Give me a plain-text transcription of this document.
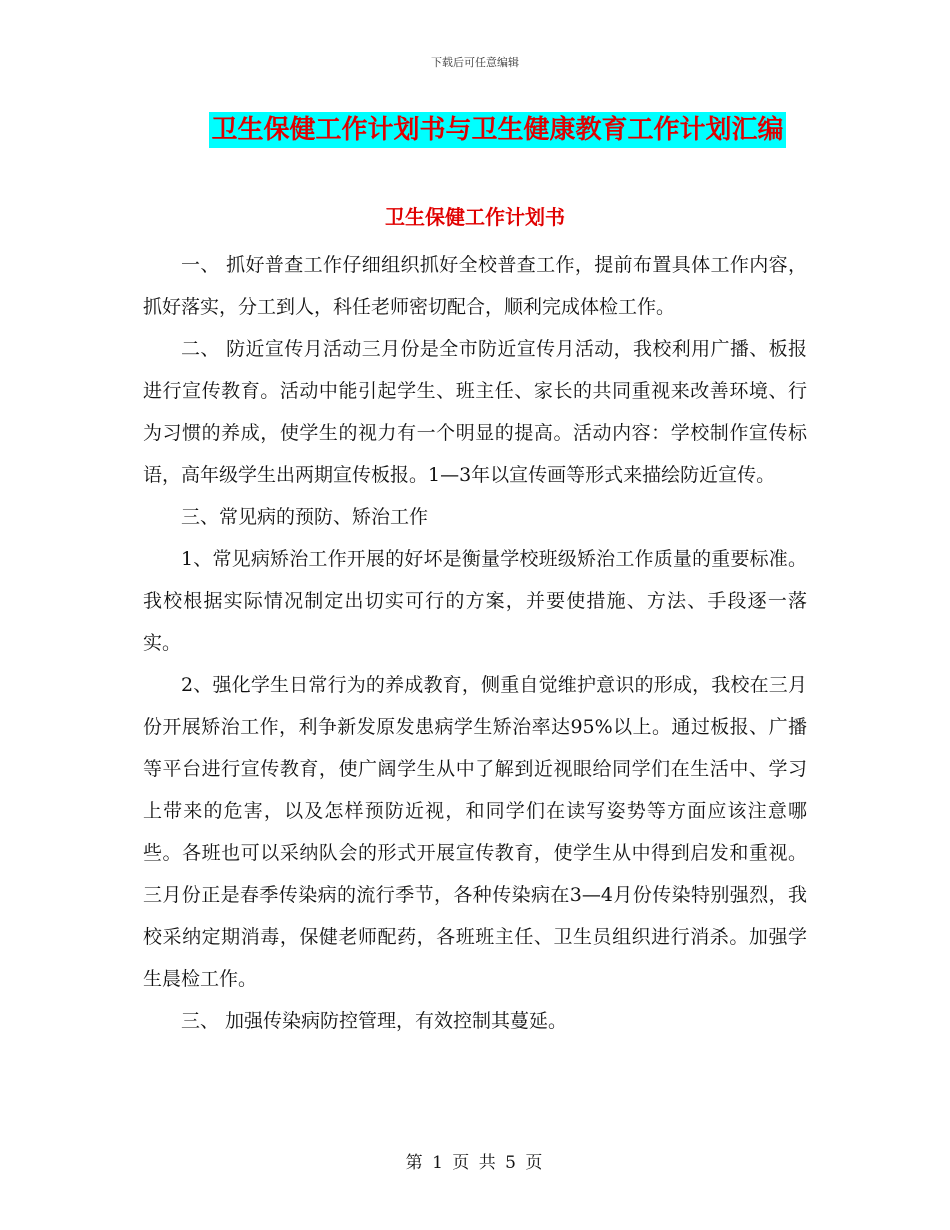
下载后可任意编辑
卫生保健工作计划书与卫生健康教育工作计划汇编
卫生保健工作计划书

一、 抓好普查工作仔细组织抓好全校普查工作，提前布置具体工作内容，抓好落实，分工到人，科任老师密切配合，顺利完成体检工作。

二、 防近宣传月活动三月份是全市防近宣传月活动，我校利用广播、板报进行宣传教育。活动中能引起学生、班主任、家长的共同重视来改善环境、行为习惯的养成，使学生的视力有一个明显的提高。活动内容：学校制作宣传标语，高年级学生出两期宣传板报。1—3年以宣传画等形式来描绘防近宣传。

三、常见病的预防、矫治工作

1、常见病矫治工作开展的好坏是衡量学校班级矫治工作质量的重要标准。我校根据实际情况制定出切实可行的方案，并要使措施、方法、手段逐一落实。

2、强化学生日常行为的养成教育，侧重自觉维护意识的形成，我校在三月份开展矫治工作，利争新发原发患病学生矫治率达95%以上。通过板报、广播等平台进行宣传教育，使广阔学生从中了解到近视眼给同学们在生活中、学习上带来的危害，以及怎样预防近视，和同学们在读写姿势等方面应该注意哪些。各班也可以采纳队会的形式开展宣传教育，使学生从中得到启发和重视。三月份正是春季传染病的流行季节，各种传染病在3—4月份传染特别强烈，我校采纳定期消毒，保健老师配药，各班班主任、卫生员组织进行消杀。加强学生晨检工作。

三、 加强传染病防控管理，有效控制其蔓延。

第 1 页 共 5 页
